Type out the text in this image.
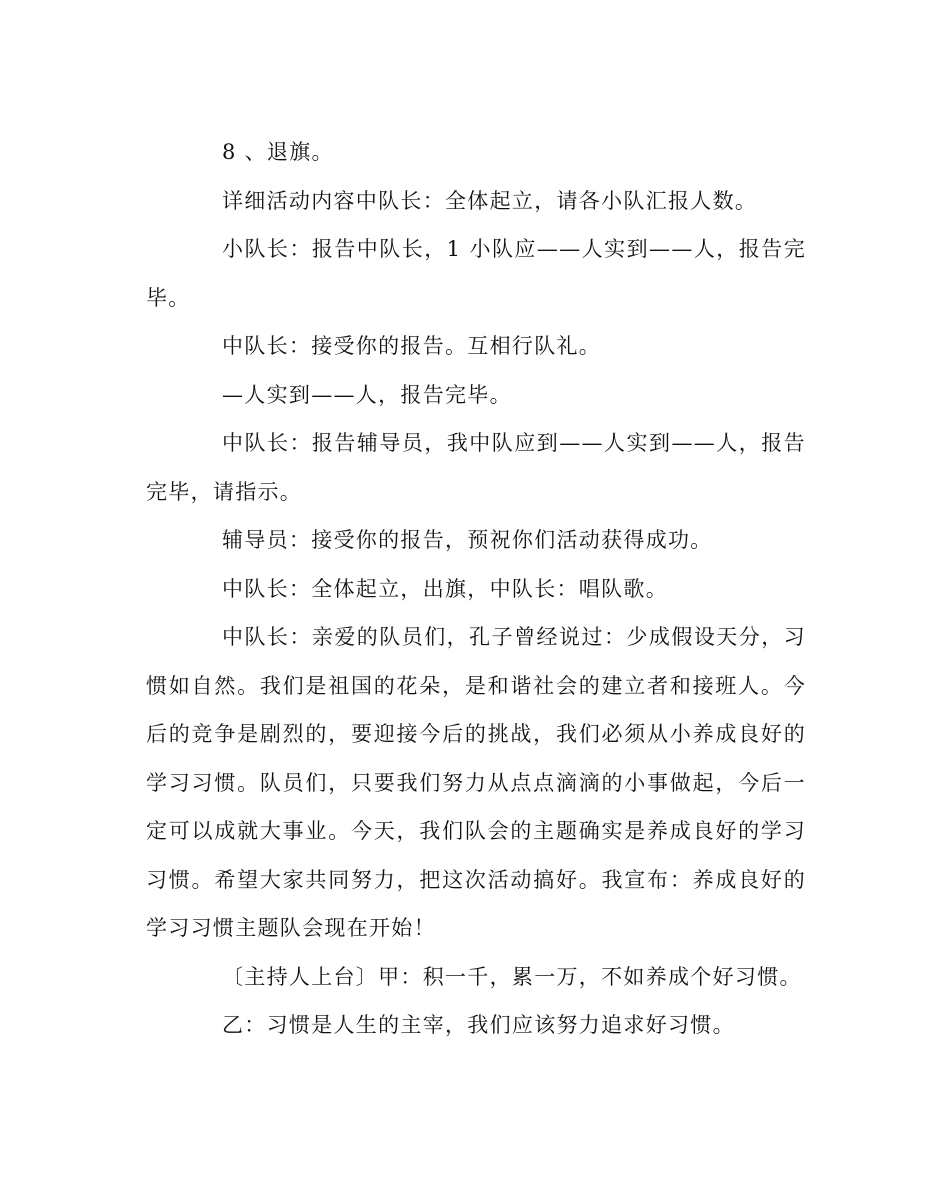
8 、退旗。

详细活动内容中队长：全体起立，请各小队汇报人数。

小队长：报告中队长，1 小队应——人实到——人，报告完毕。

中队长：接受你的报告。互相行队礼。

—人实到——人，报告完毕。

中队长：报告辅导员，我中队应到——人实到——人，报告完毕，请指示。

辅导员：接受你的报告，预祝你们活动获得成功。

中队长：全体起立，出旗，中队长：唱队歌。

中队长：亲爱的队员们，孔子曾经说过：少成假设天分，习惯如自然。我们是祖国的花朵，是和谐社会的建立者和接班人。今后的竞争是剧烈的，要迎接今后的挑战，我们必须从小养成良好的学习习惯。队员们，只要我们努力从点点滴滴的小事做起，今后一定可以成就大事业。今天，我们队会的主题确实是养成良好的学习习惯。希望大家共同努力，把这次活动搞好。我宣布：养成良好的学习习惯主题队会现在开始！

〔主持人上台〕甲：积一千，累一万，不如养成个好习惯。

乙：习惯是人生的主宰，我们应该努力追求好习惯。
